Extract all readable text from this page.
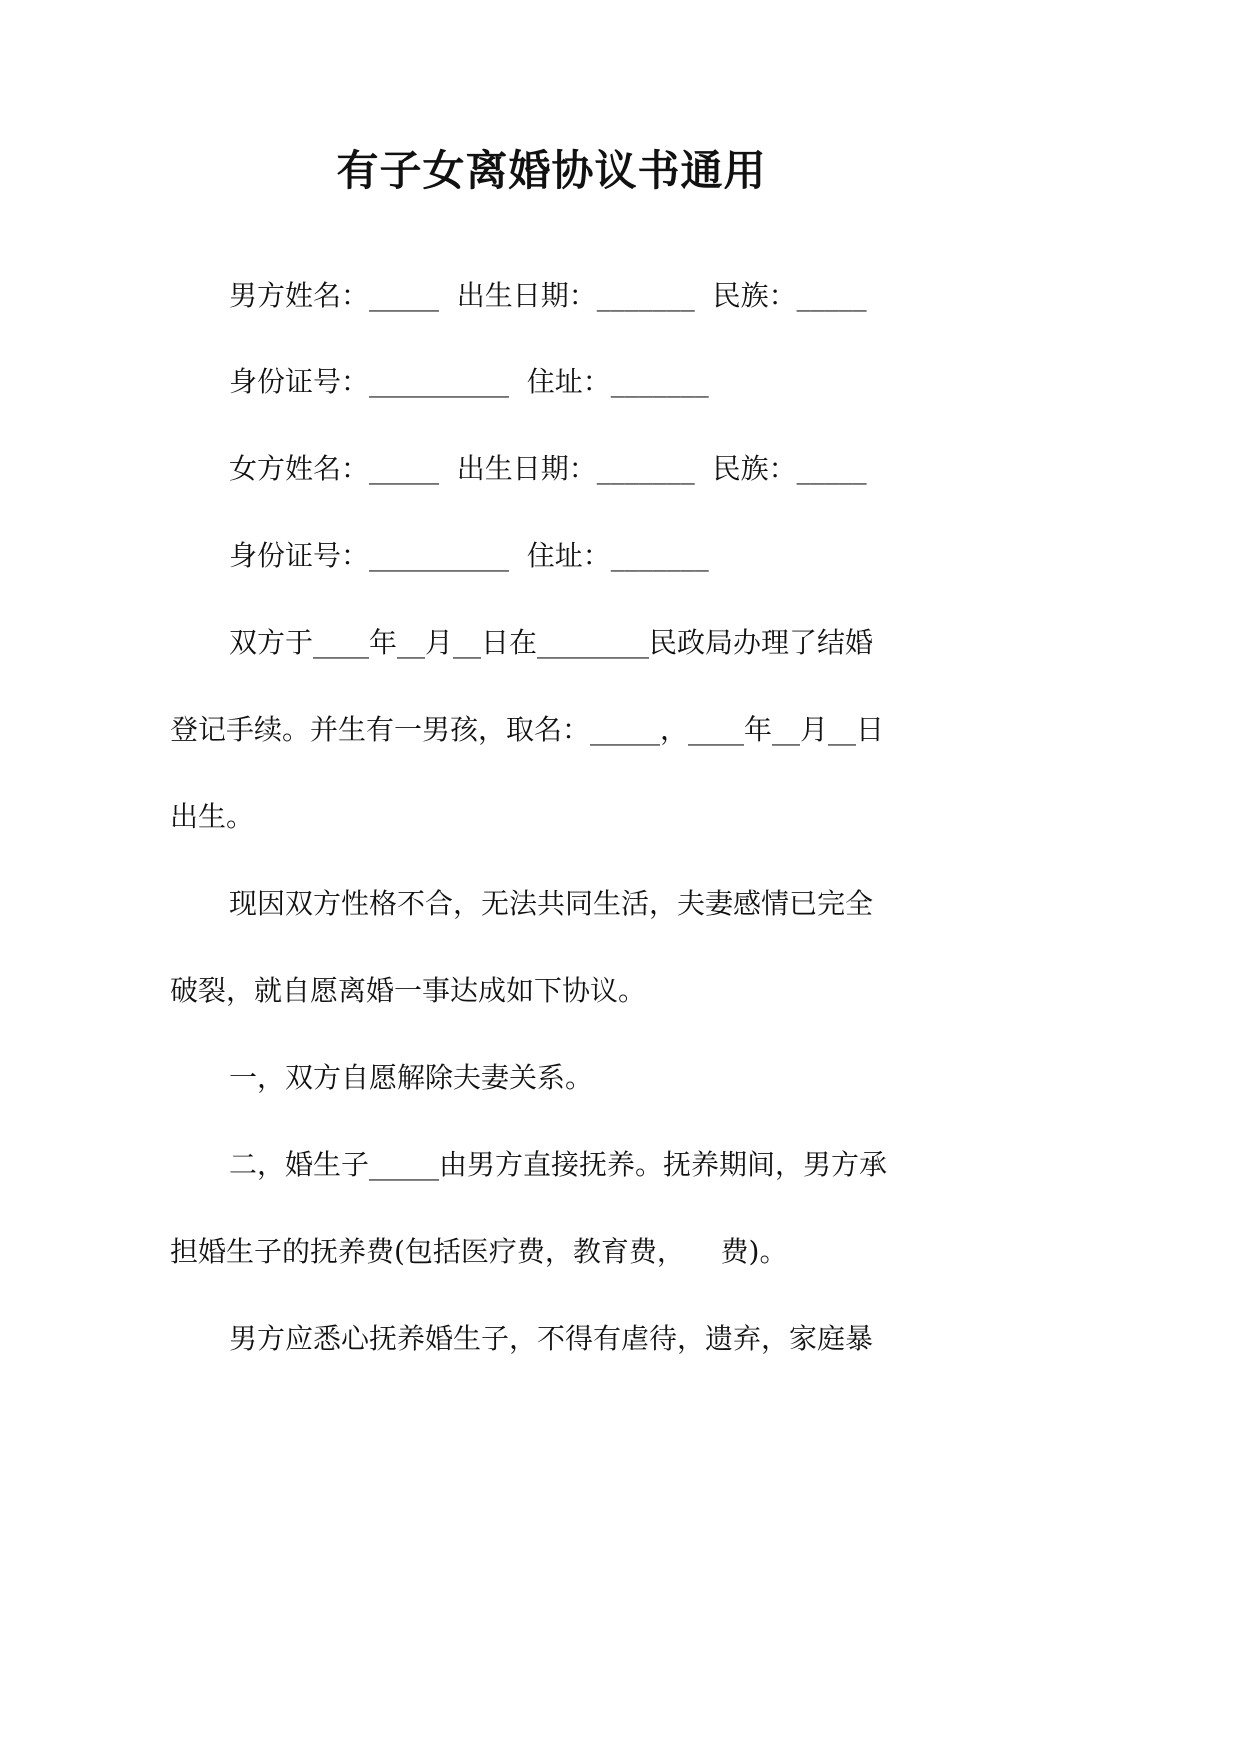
有子女离婚协议书通用
男方姓名：_____  出生日期：_______  民族：_____
身份证号：__________  住址：_______
女方姓名：_____  出生日期：_______  民族：_____
身份证号：__________  住址：_______
双方于____年__月__日在________民政局办理了结婚
登记手续。并生有一男孩，取名：_____，____年__月__日
出生。
现因双方性格不合，无法共同生活，夫妻感情已完全
破裂，就自愿离婚一事达成如下协议。
一，双方自愿解除夫妻关系。
二，婚生子_____由男方直接抚养。抚养期间，男方承
担婚生子的抚养费(包括医疗费，教育费，    费)。
男方应悉心抚养婚生子，不得有虐待，遗弃，家庭暴
